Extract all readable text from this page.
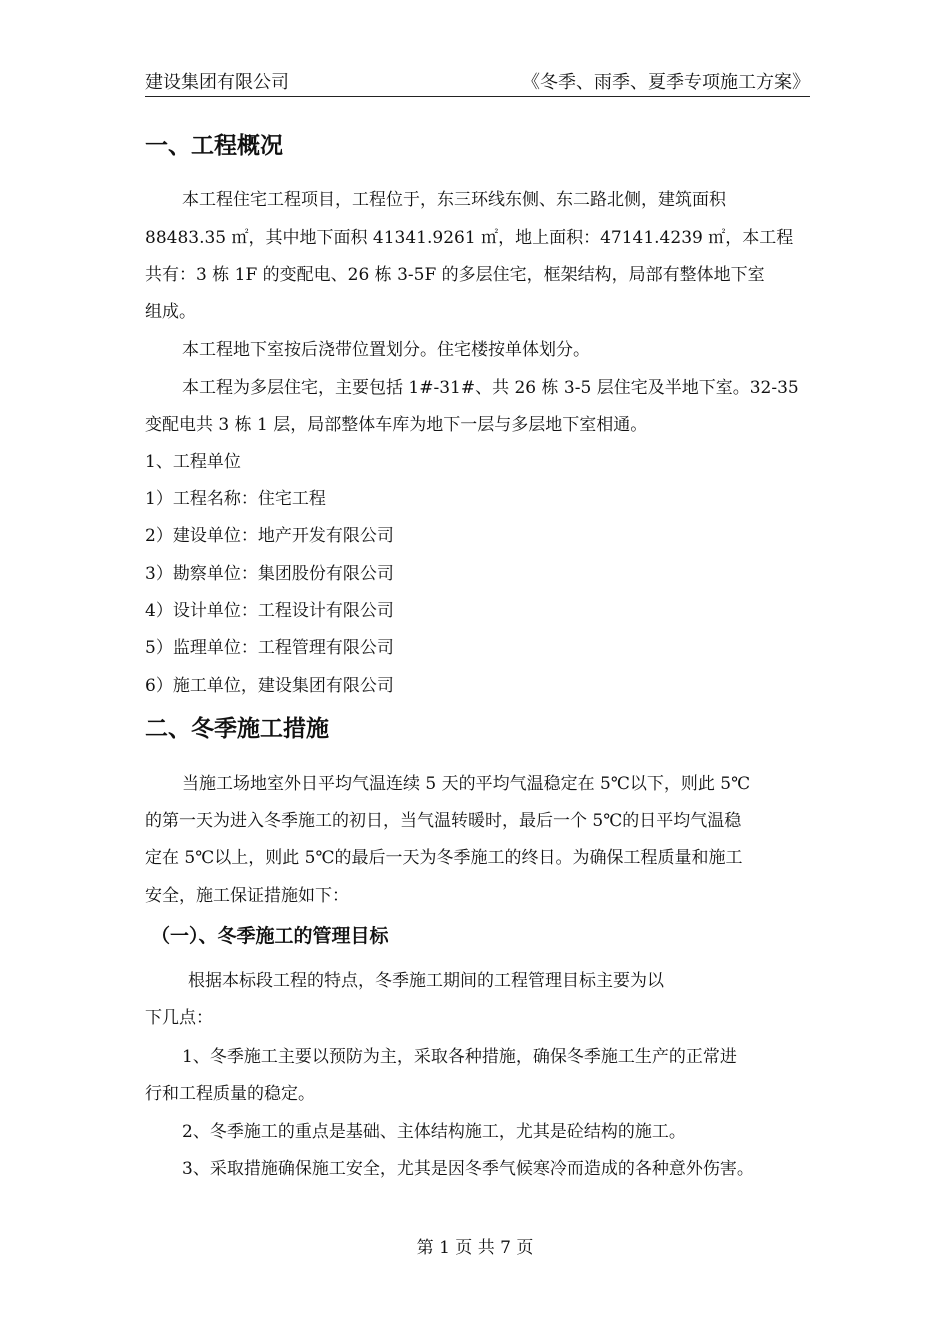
建设集团有限公司	《冬季、雨季、夏季专项施工方案》
一、工程概况
本工程住宅工程项目，工程位于，东三环线东侧、东二路北侧，建筑面积
88483.35 ㎡，其中地下面积 41341.9261 ㎡，地上面积：47141.4239 ㎡，本工程
共有：3 栋 1F 的变配电、26 栋 3-5F 的多层住宅，框架结构，局部有整体地下室
组成。
本工程地下室按后浇带位置划分。住宅楼按单体划分。
本工程为多层住宅，主要包括 1#-31#、共 26 栋 3-5 层住宅及半地下室。32-35
变配电共 3 栋 1 层，局部整体车库为地下一层与多层地下室相通。
1、工程单位
1）工程名称：住宅工程
2）建设单位：地产开发有限公司
3）勘察单位：集团股份有限公司
4）设计单位：工程设计有限公司
5）监理单位：工程管理有限公司
6）施工单位，建设集团有限公司
二、冬季施工措施
当施工场地室外日平均气温连续 5 天的平均气温稳定在 5℃以下，则此 5℃
的第一天为进入冬季施工的初日，当气温转暖时，最后一个 5℃的日平均气温稳
定在 5℃以上，则此 5℃的最后一天为冬季施工的终日。为确保工程质量和施工
安全，施工保证措施如下：
（一）、冬季施工的管理目标
根据本标段工程的特点，冬季施工期间的工程管理目标主要为以
下几点：
1、冬季施工主要以预防为主，采取各种措施，确保冬季施工生产的正常进
行和工程质量的稳定。
2、冬季施工的重点是基础、主体结构施工，尤其是砼结构的施工。
3、采取措施确保施工安全，尤其是因冬季气候寒冷而造成的各种意外伤害。
第 1 页 共 7 页
